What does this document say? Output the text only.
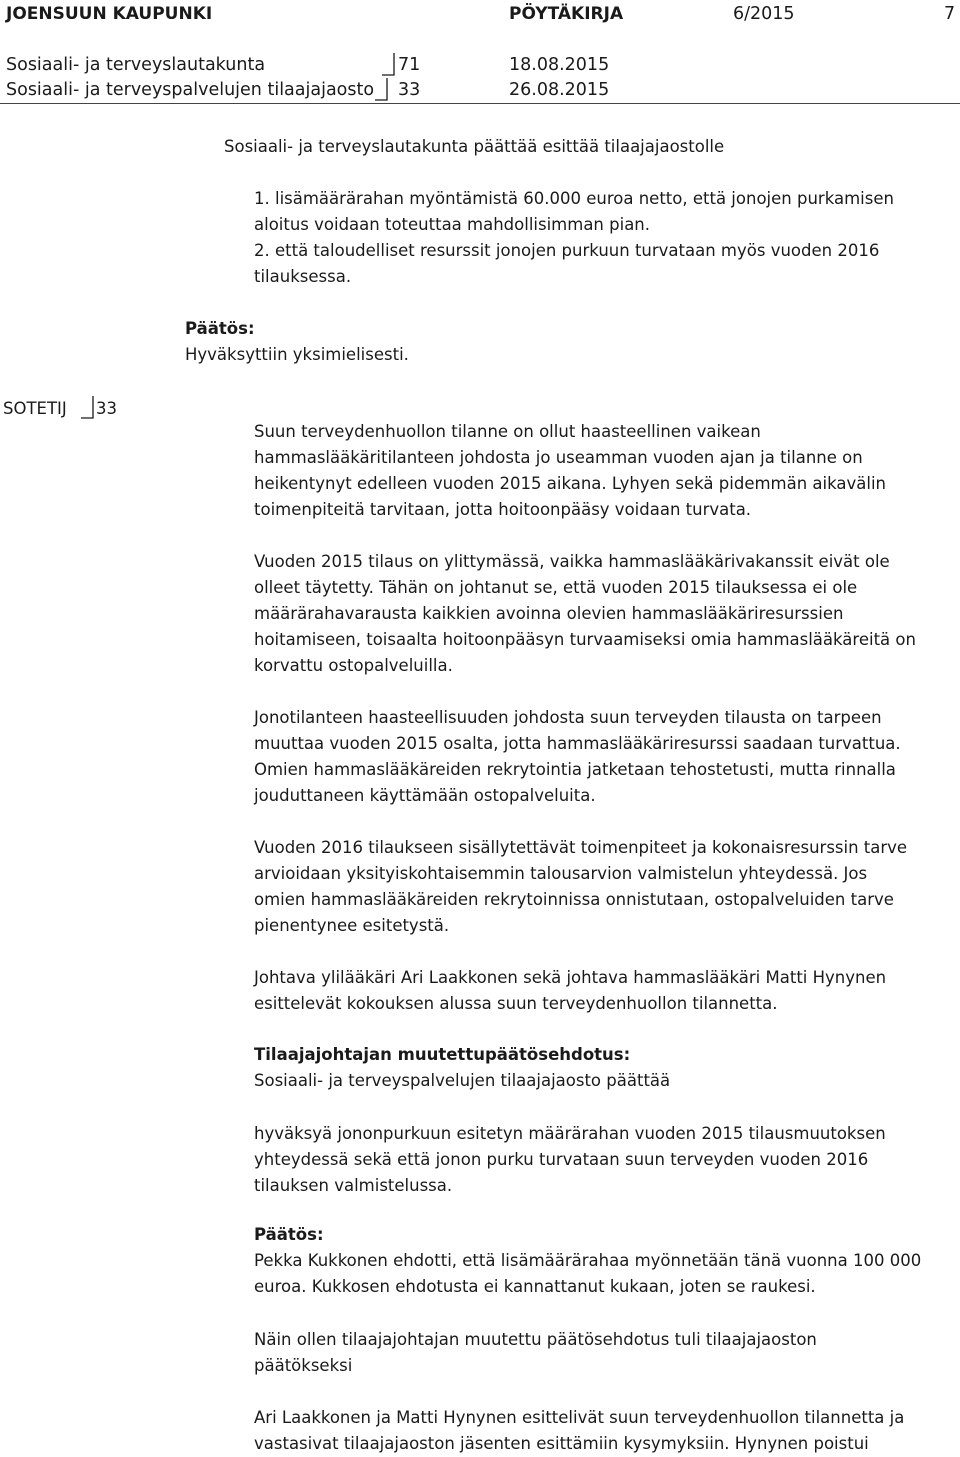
JOENSUUN KAUPUNKI	PÖYTÄKIRJA	6/2015	7
Sosiaali- ja terveyslautakunta	71	18.08.2015
Sosiaali- ja terveyspalvelujen tilaajajaosto 33	26.08.2015

Sosiaali- ja terveyslautakunta päättää esittää tilaajajaostolle

1. lisämäärärahan myöntämistä 60.000 euroa netto, että jonojen purkamisen
aloitus voidaan toteuttaa mahdollisimman pian.

2. että taloudelliset resurssit jonojen purkuun turvataan myös vuoden 2016
tilauksessa.

Päätös:
Hyväksyttiin yksimielisesti.

SOTETIJ 33

Suun terveydenhuollon tilanne on ollut haasteellinen vaikean
hammaslääkäritilanteen johdosta jo useamman vuoden ajan ja tilanne on
heikentynyt edelleen vuoden 2015 aikana. Lyhyen sekä pidemmän aikavälin
toimenpiteitä tarvitaan, jotta hoitoonpääsy voidaan turvata.

Vuoden 2015 tilaus on ylittymässä, vaikka hammaslääkärivakanssit eivät ole
olleet täytetty. Tähän on johtanut se, että vuoden 2015 tilauksessa ei ole
määrärahavarausta kaikkien avoinna olevien hammaslääkäriresurssien
hoitamiseen, toisaalta hoitoonpääsyn turvaamiseksi omia hammaslääkäreitä on
korvattu ostopalveluilla.

Jonotilanteen haasteellisuuden johdosta suun terveyden tilausta on tarpeen
muuttaa vuoden 2015 osalta, jotta hammaslääkäriresurssi saadaan turvattua.
Omien hammaslääkäreiden rekrytointia jatketaan tehostetusti, mutta rinnalla
jouduttaneen käyttämään ostopalveluita.

Vuoden 2016 tilaukseen sisällytettävät toimenpiteet ja kokonaisresurssin tarve
arvioidaan yksityiskohtaisemmin talousarvion valmistelun yhteydessä. Jos
omien hammaslääkäreiden rekrytoinnissa onnistutaan, ostopalveluiden tarve
pienentynee esitetystä.

Johtava ylilääkäri Ari Laakkonen sekä johtava hammaslääkäri Matti Hynynen
esittelevät kokouksen alussa suun terveydenhuollon tilannetta.

Tilaajajohtajan muutettupäätösehdotus:
Sosiaali- ja terveyspalvelujen tilaajajaosto päättää

hyväksyä jononpurkuun esitetyn määrärahan vuoden 2015 tilausmuutoksen
yhteydessä sekä että jonon purku turvataan suun terveyden vuoden 2016
tilauksen valmistelussa.

Päätös:
Pekka Kukkonen ehdotti, että lisämäärärahaa myönnetään tänä vuonna 100 000
euroa. Kukkosen ehdotusta ei kannattanut kukaan, joten se raukesi.

Näin ollen tilaajajohtajan muutettu päätösehdotus tuli tilaajajaoston
päätökseksi

Ari Laakkonen ja Matti Hynynen esittelivät suun terveydenhuollon tilannetta ja
vastasivat tilaajajaoston jäsenten esittämiin kysymyksiin. Hynynen poistui
